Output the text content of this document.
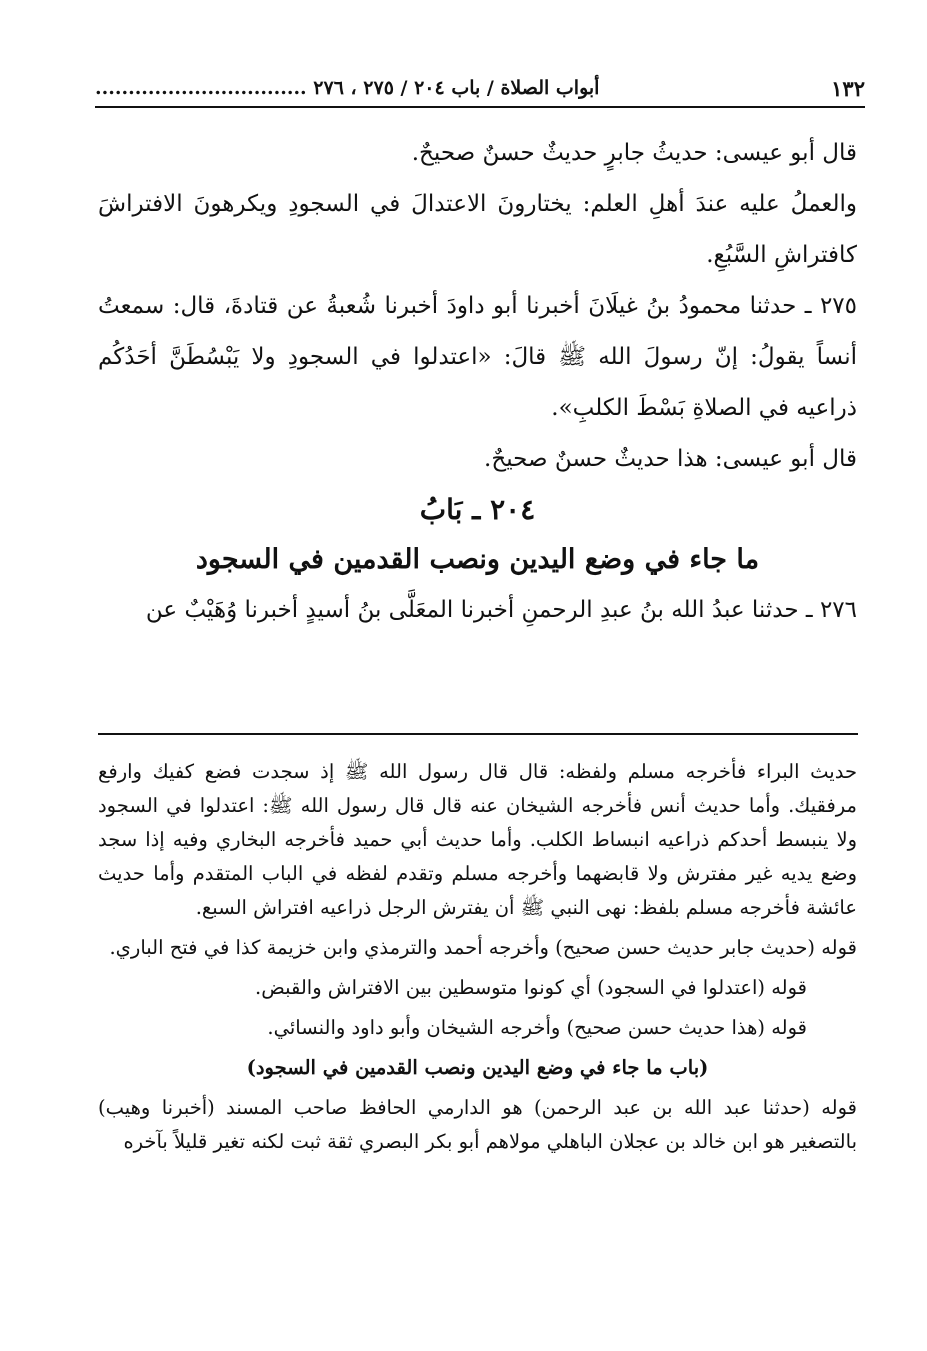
١٣٢
أبواب الصلاة / باب ٢٠٤ / ٢٧٥ ، ٢٧٦ ................................

قال أبو عيسى: حديثُ جابرٍ حديثٌ حسنٌ صحيحٌ.

والعملُ عليه عندَ أهلِ العلم: يختارونَ الاعتدالَ في السجودِ ويكرهونَ الافتراشَ كافتراشِ السَّبُعِ.

٢٧٥ ـ حدثنا محمودُ بنُ غيلَانَ أخبرنا أبو داودَ أخبرنا شُعبةُ عن قتادةَ، قال: سمعتُ أنساً يقولُ: إنّ رسولَ الله ﷺ قالَ: «اعتدلوا في السجودِ ولا يَبْسُطَنَّ أحَدُكُم ذراعيه في الصلاةِ بَسْطَ الكلبِ».

قال أبو عيسى: هذا حديثٌ حسنٌ صحيحٌ.

٢٠٤ ـ بَابُ

ما جاء في وضع اليدين ونصب القدمين في السجود

٢٧٦ ـ حدثنا عبدُ الله بنُ عبدِ الرحمنِ أخبرنا المعَلَّى بنُ أسيدٍ أخبرنا وُهَيْبٌ عن

حديث البراء فأخرجه مسلم ولفظه: قال قال رسول الله ﷺ إذ سجدت فضع كفيك وارفع مرفقيك. وأما حديث أنس فأخرجه الشيخان عنه قال قال رسول الله ﷺ: اعتدلوا في السجود ولا ينبسط أحدكم ذراعيه انبساط الكلب. وأما حديث أبي حميد فأخرجه البخاري وفيه إذا سجد وضع يديه غير مفترش ولا قابضهما وأخرجه مسلم وتقدم لفظه في الباب المتقدم وأما حديث عائشة فأخرجه مسلم بلفظ: نهى النبي ﷺ أن يفترش الرجل ذراعيه افتراش السبع.

قوله (حديث جابر حديث حسن صحيح) وأخرجه أحمد والترمذي وابن خزيمة كذا في فتح الباري.

قوله (اعتدلوا في السجود) أي كونوا متوسطين بين الافتراش والقبض.

قوله (هذا حديث حسن صحيح) وأخرجه الشيخان وأبو داود والنسائي.

(باب ما جاء في وضع اليدين ونصب القدمين في السجود)

قوله (حدثنا عبد الله بن عبد الرحمن) هو الدارمي الحافظ صاحب المسند (أخبرنا وهيب) بالتصغير هو ابن خالد بن عجلان الباهلي مولاهم أبو بكر البصري ثقة ثبت لكنه تغير قليلاً بآخره
